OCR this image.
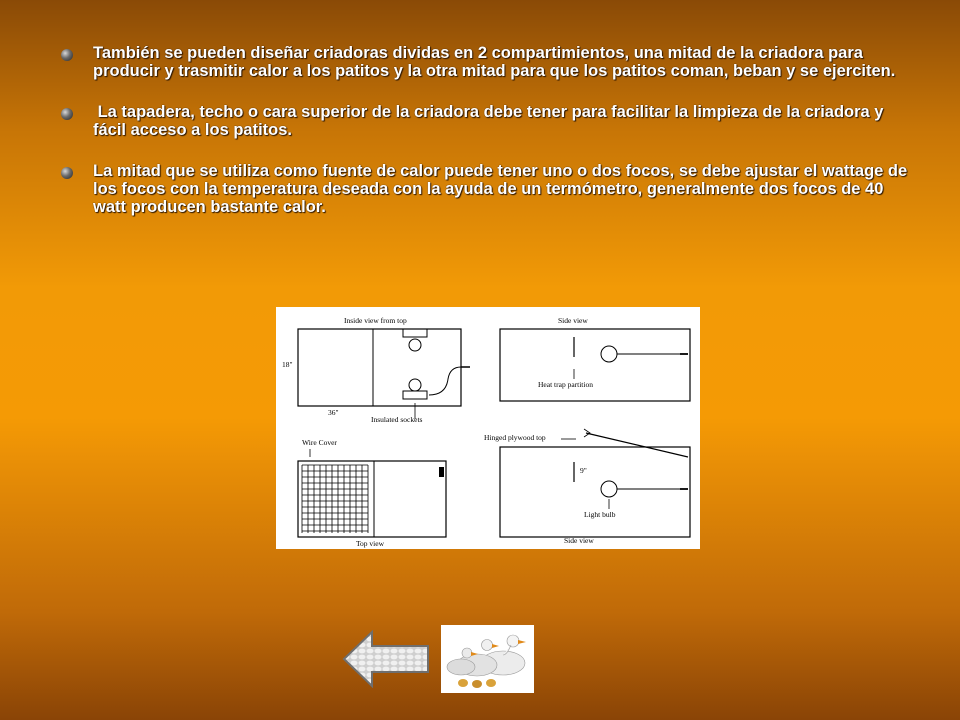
También se pueden diseñar criadoras dividas en 2 compartimientos, una mitad de la criadora para producir y trasmitir calor a los patitos y la otra mitad para que los patitos coman, beban y se ejerciten.
La tapadera, techo o cara superior de la criadora debe tener para facilitar la limpieza de la criadora y fácil acceso a los patitos.
La mitad que se utiliza como fuente de calor puede tener uno o dos focos, se debe ajustar el wattage de los focos con la temperatura deseada con la ayuda de un termómetro, generalmente dos focos de 40 watt producen bastante calor.
Inside view from top
18"
36"
Insulated sockets
Side view
Heat trap partition
Wire Cover
Top view
Hinged plywood top
9"
Light bulb
Side view
